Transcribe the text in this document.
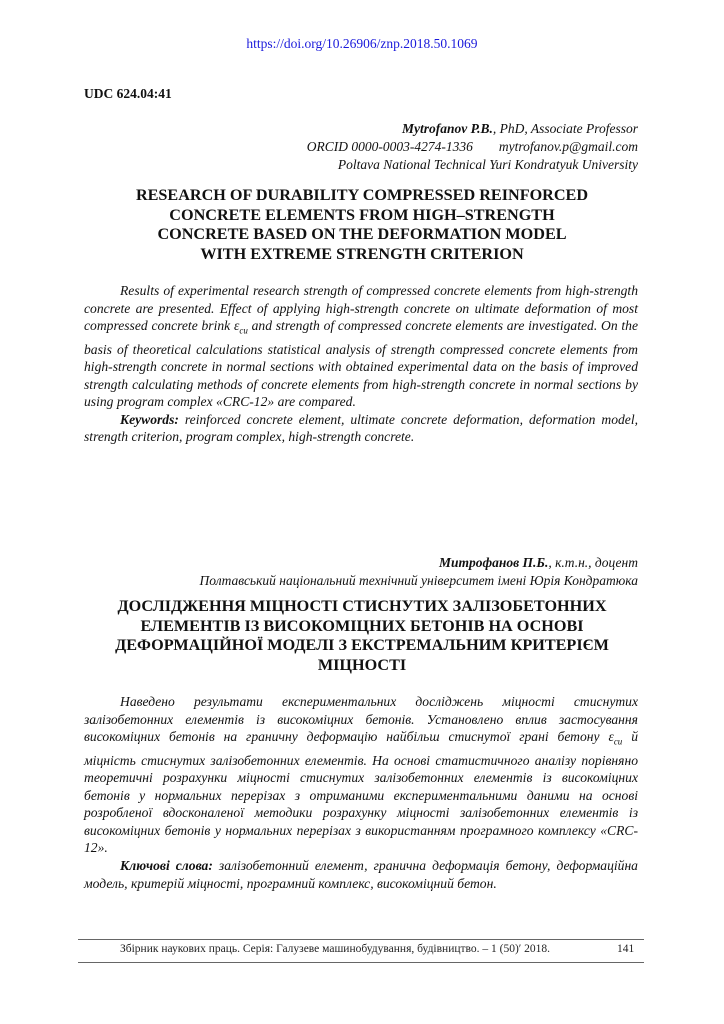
https://doi.org/10.26906/znp.2018.50.1069
UDC 624.04:41
Mytrofanov P.B., PhD, Associate Professor
ORCID 0000-0003-4274-1336 mytrofanov.p@gmail.com
Poltava National Technical Yuri Kondratyuk University
RESEARCH OF DURABILITY COMPRESSED REINFORCED
CONCRETE ELEMENTS FROM HIGH–STRENGTH
CONCRETE BASED ON THE DEFORMATION MODEL
WITH EXTREME STRENGTH CRITERION

Results of experimental research strength of compressed concrete elements from high-strength concrete are presented. Effect of applying high-strength concrete on ultimate deformation of most compressed concrete brink $\varepsilon_{cu}$ and strength of compressed concrete elements are investigated. On the basis of theoretical calculations statistical analysis of strength compressed concrete elements from high-strength concrete in normal sections with obtained experimental data on the basis of improved strength calculating methods of concrete elements from high-strength concrete in normal sections by using program complex «CRC-12» are compared.

Keywords: reinforced concrete element, ultimate concrete deformation, deformation model, strength criterion, program complex, high-strength concrete.

Митрофанов П.Б., к.т.н., доцент
Полтавський національний технічний університет імені Юрія Кондратюка
ДОСЛІДЖЕННЯ МІЦНОСТІ СТИСНУТИХ ЗАЛІЗОБЕТОННИХ
ЕЛЕМЕНТІВ ІЗ ВИСОКОМІЦНИХ БЕТОНІВ НА ОСНОВІ
ДЕФОРМАЦІЙНОЇ МОДЕЛІ З ЕКСТРЕМАЛЬНИМ КРИТЕРІЄМ
МІЦНОСТІ

Наведено результати експериментальних досліджень міцності стиснутих залізобетонних елементів із високоміцних бетонів. Установлено вплив застосування високоміцних бетонів на граничну деформацію найбільш стиснутої грані бетону $\varepsilon_{cu}$ й міцність стиснутих залізобетонних елементів. На основі статистичного аналізу порівняно теоретичні розрахунки міцності стиснутих залізобетонних елементів із високоміцних бетонів у нормальних перерізах з отриманими експериментальними даними на основі розробленої вдосконаленої методики розрахунку міцності залізобетонних елементів із високоміцних бетонів у нормальних перерізах з використанням програмного комплексу «CRC-12».

Ключові слова: залізобетонний елемент, гранична деформація бетону, деформаційна модель, критерій міцності, програмний комплекс, високоміцний бетон.

Збірник наукових праць. Серія: Галузеве машинобудування, будівництво. – 1 (50)′ 2018.	141
